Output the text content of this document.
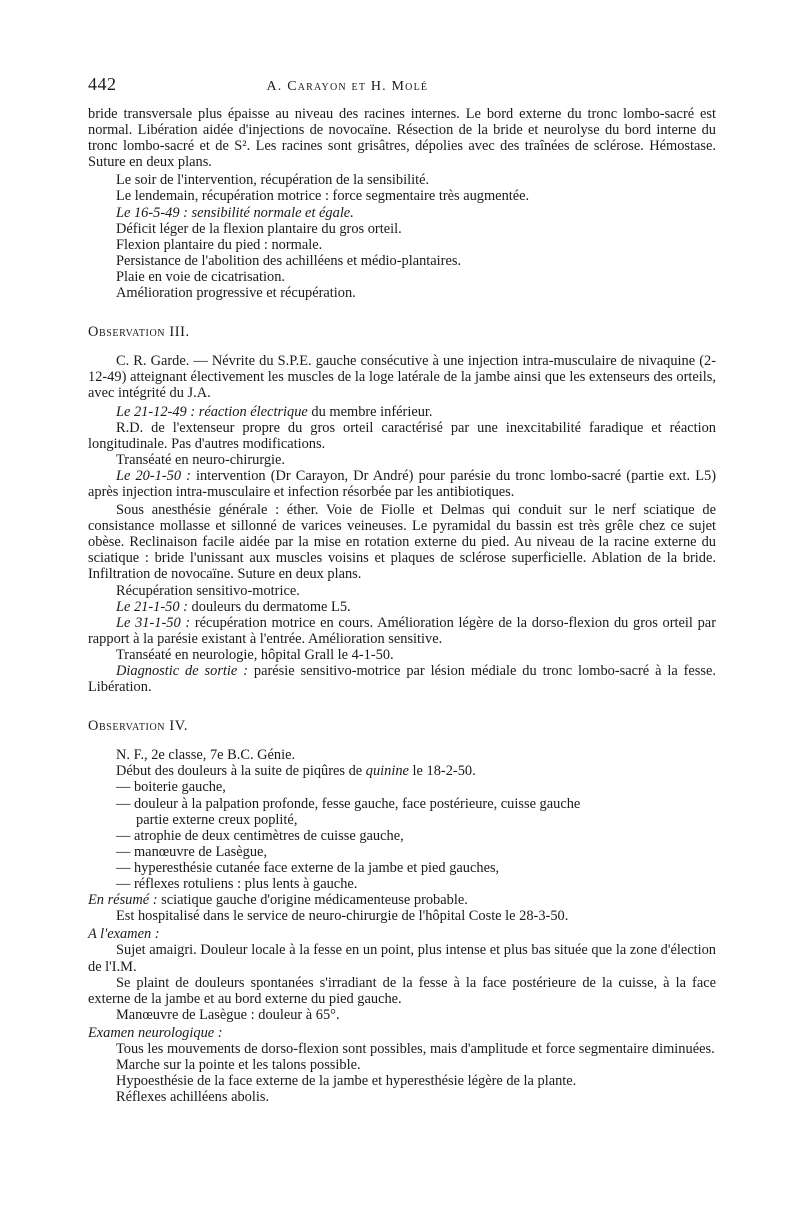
442	A. Carayon et H. Molé

bride transversale plus épaisse au niveau des racines internes. Le bord externe du tronc lombo-sacré est normal. Libération aidée d'injections de novocaïne. Résection de la bride et neurolyse du bord interne du tronc lombo-sacré et de S². Les racines sont grisâtres, dépolies avec des traînées de sclérose. Hémostase. Suture en deux plans.

Le soir de l'intervention, récupération de la sensibilité.

Le lendemain, récupération motrice : force segmentaire très augmentée.

Le 16-5-49 : sensibilité normale et égale.

Déficit léger de la flexion plantaire du gros orteil.

Flexion plantaire du pied : normale.

Persistance de l'abolition des achilléens et médio-plantaires.

Plaie en voie de cicatrisation.

Amélioration progressive et récupération.

Observation III.

C. R. Garde. — Névrite du S.P.E. gauche consécutive à une injection intra-musculaire de nivaquine (2-12-49) atteignant électivement les muscles de la loge latérale de la jambe ainsi que les extenseurs des orteils, avec intégrité du J.A.

Le 21-12-49 : réaction électrique du membre inférieur.

R.D. de l'extenseur propre du gros orteil caractérisé par une inexcitabilité faradique et réaction longitudinale. Pas d'autres modifications.

Transéaté en neuro-chirurgie.

Le 20-1-50 : intervention (Dr Carayon, Dr André) pour parésie du tronc lombo-sacré (partie ext. L5) après injection intra-musculaire et infection résorbée par les antibiotiques.

Sous anesthésie générale : éther. Voie de Fiolle et Delmas qui conduit sur le nerf sciatique de consistance mollasse et sillonné de varices veineuses. Le pyramidal du bassin est très grêle chez ce sujet obèse. Reclinaison facile aidée par la mise en rotation externe du pied. Au niveau de la racine externe du sciatique : bride l'unissant aux muscles voisins et plaques de sclérose superficielle. Ablation de la bride. Infiltration de novocaïne. Suture en deux plans.

Récupération sensitivo-motrice.

Le 21-1-50 : douleurs du dermatome L5.

Le 31-1-50 : récupération motrice en cours. Amélioration légère de la dorso-flexion du gros orteil par rapport à la parésie existant à l'entrée. Amélioration sensitive.

Transéaté en neurologie, hôpital Grall le 4-1-50.

Diagnostic de sortie : parésie sensitivo-motrice par lésion médiale du tronc lombo-sacré à la fesse. Libération.

Observation IV.

N. F., 2e classe, 7e B.C. Génie.

Début des douleurs à la suite de piqûres de quinine le 18-2-50.

— boiterie gauche,

— douleur à la palpation profonde, fesse gauche, face postérieure, cuisse gauche

partie externe creux poplité,

— atrophie de deux centimètres de cuisse gauche,

— manœuvre de Lasègue,

— hyperesthésie cutanée face externe de la jambe et pied gauches,

— réflexes rotuliens : plus lents à gauche.

En résumé : sciatique gauche d'origine médicamenteuse probable.

Est hospitalisé dans le service de neuro-chirurgie de l'hôpital Coste le 28-3-50.

A l'examen :

Sujet amaigri. Douleur locale à la fesse en un point, plus intense et plus bas située que la zone d'élection de l'I.M.

Se plaint de douleurs spontanées s'irradiant de la fesse à la face postérieure de la cuisse, à la face externe de la jambe et au bord externe du pied gauche.

Manœuvre de Lasègue : douleur à 65°.

Examen neurologique :

Tous les mouvements de dorso-flexion sont possibles, mais d'amplitude et force segmentaire diminuées.

Marche sur la pointe et les talons possible.

Hypoesthésie de la face externe de la jambe et hyperesthésie légère de la plante.

Réflexes achilléens abolis.
